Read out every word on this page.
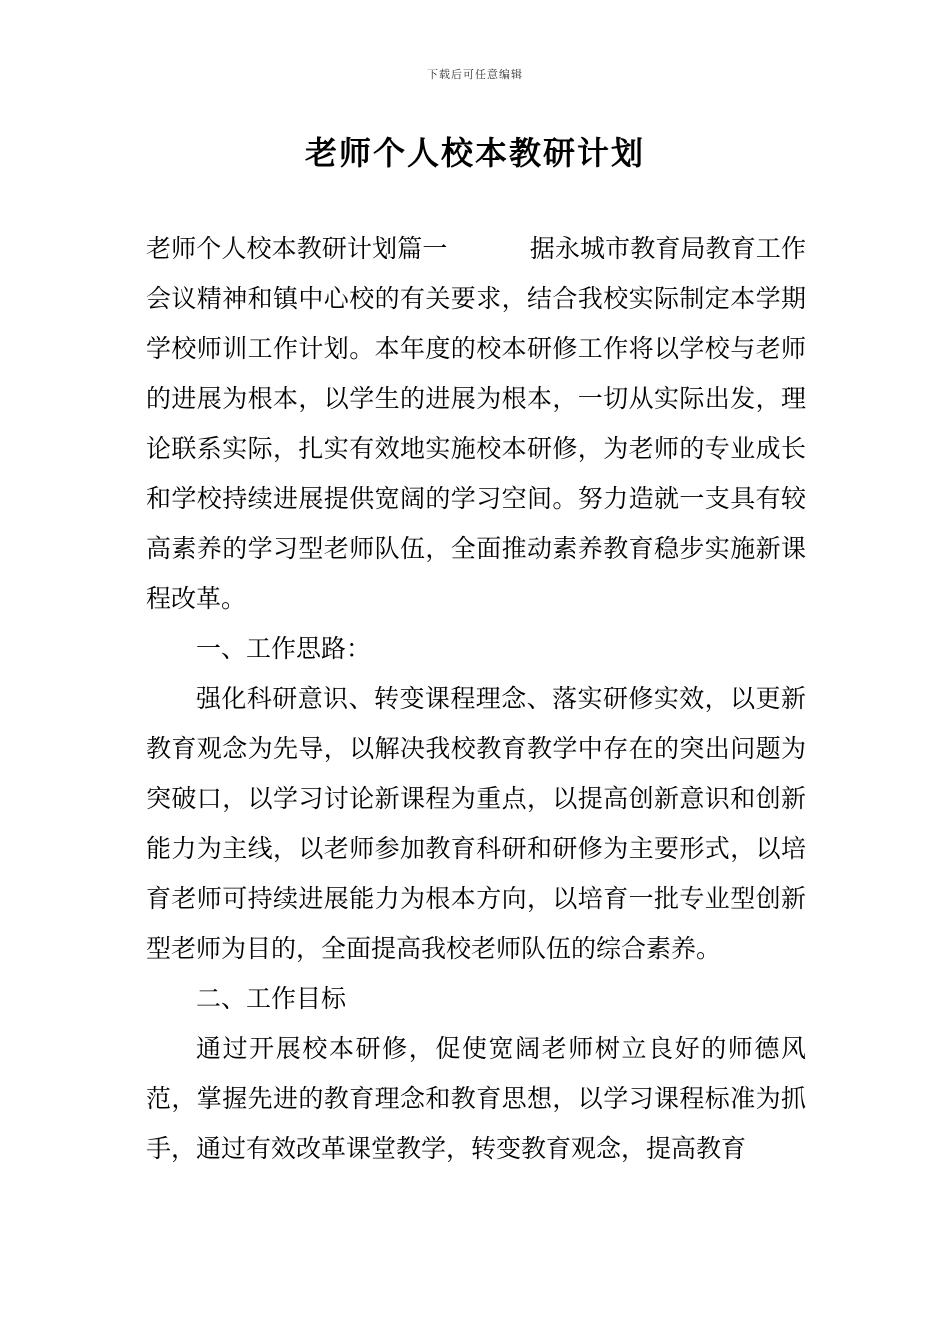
下载后可任意编辑
老师个人校本教研计划

老师个人校本教研计划篇一	据永城市教育局教育工作会议精神和镇中心校的有关要求，结合我校实际制定本学期学校师训工作计划。本年度的校本研修工作将以学校与老师的进展为根本，以学生的进展为根本，一切从实际出发，理论联系实际，扎实有效地实施校本研修，为老师的专业成长和学校持续进展提供宽阔的学习空间。努力造就一支具有较高素养的学习型老师队伍，全面推动素养教育稳步实施新课程改革。

一、工作思路：

强化科研意识、转变课程理念、落实研修实效，以更新教育观念为先导，以解决我校教育教学中存在的突出问题为突破口，以学习讨论新课程为重点，以提高创新意识和创新能力为主线，以老师参加教育科研和研修为主要形式，以培育老师可持续进展能力为根本方向，以培育一批专业型创新型老师为目的，全面提高我校老师队伍的综合素养。

二、工作目标

通过开展校本研修，促使宽阔老师树立良好的师德风范，掌握先进的教育理念和教育思想，以学习课程标准为抓手，通过有效改革课堂教学，转变教育观念，提高教育
